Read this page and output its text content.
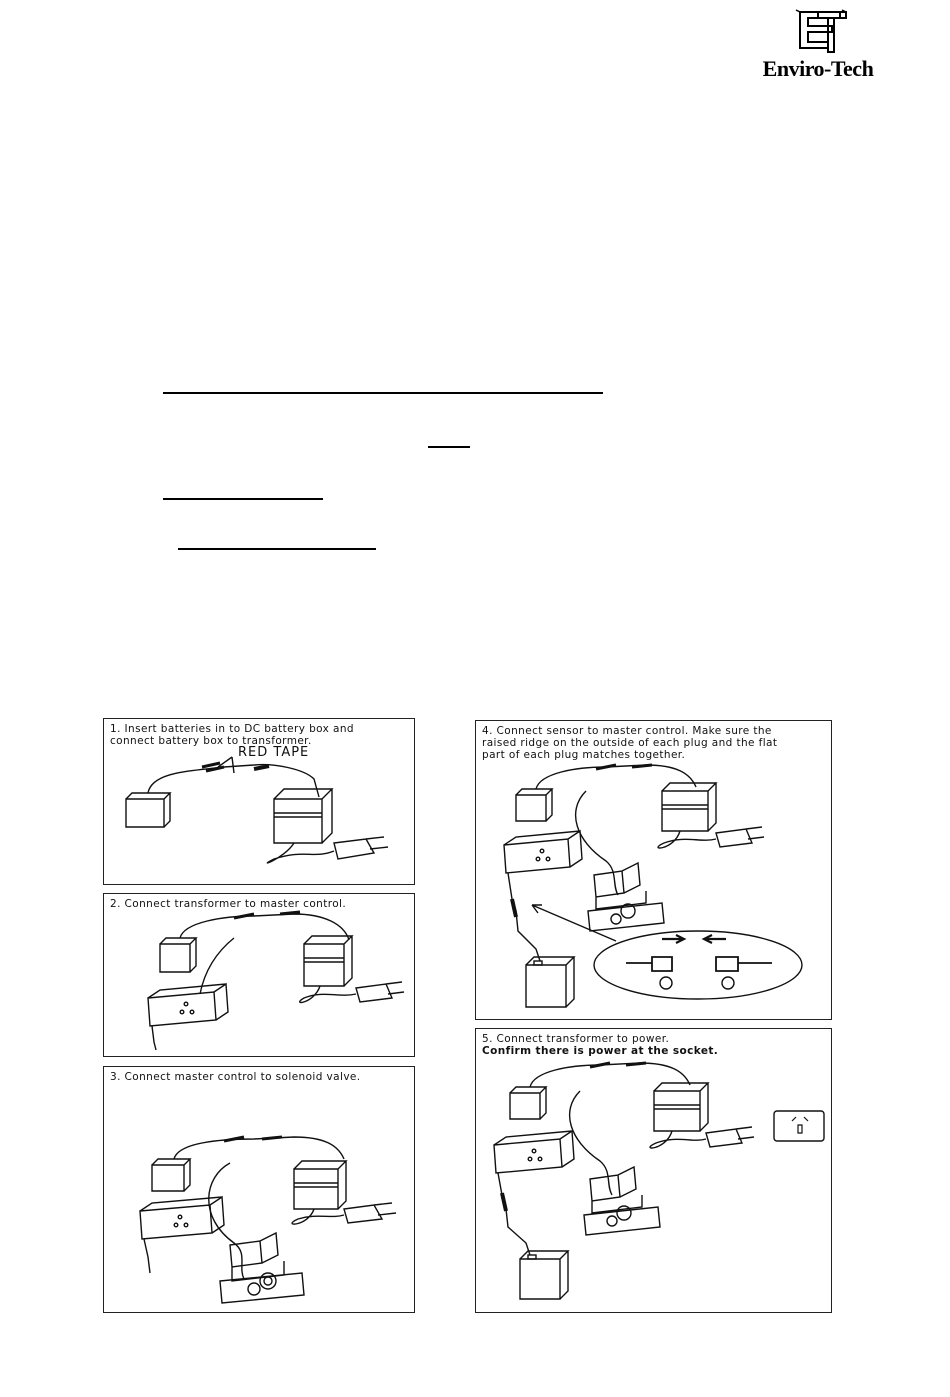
Enviro-Tech
1. Insert batteries in to DC battery box and
connect battery box to transformer.
RED TAPE
2. Connect transformer to master control.
3. Connect master control to solenoid valve.
4. Connect sensor to master control. Make sure the
raised ridge on the outside of each plug and the flat
part of each plug matches together.
5. Connect transformer to power.
Confirm there is power at the socket.
